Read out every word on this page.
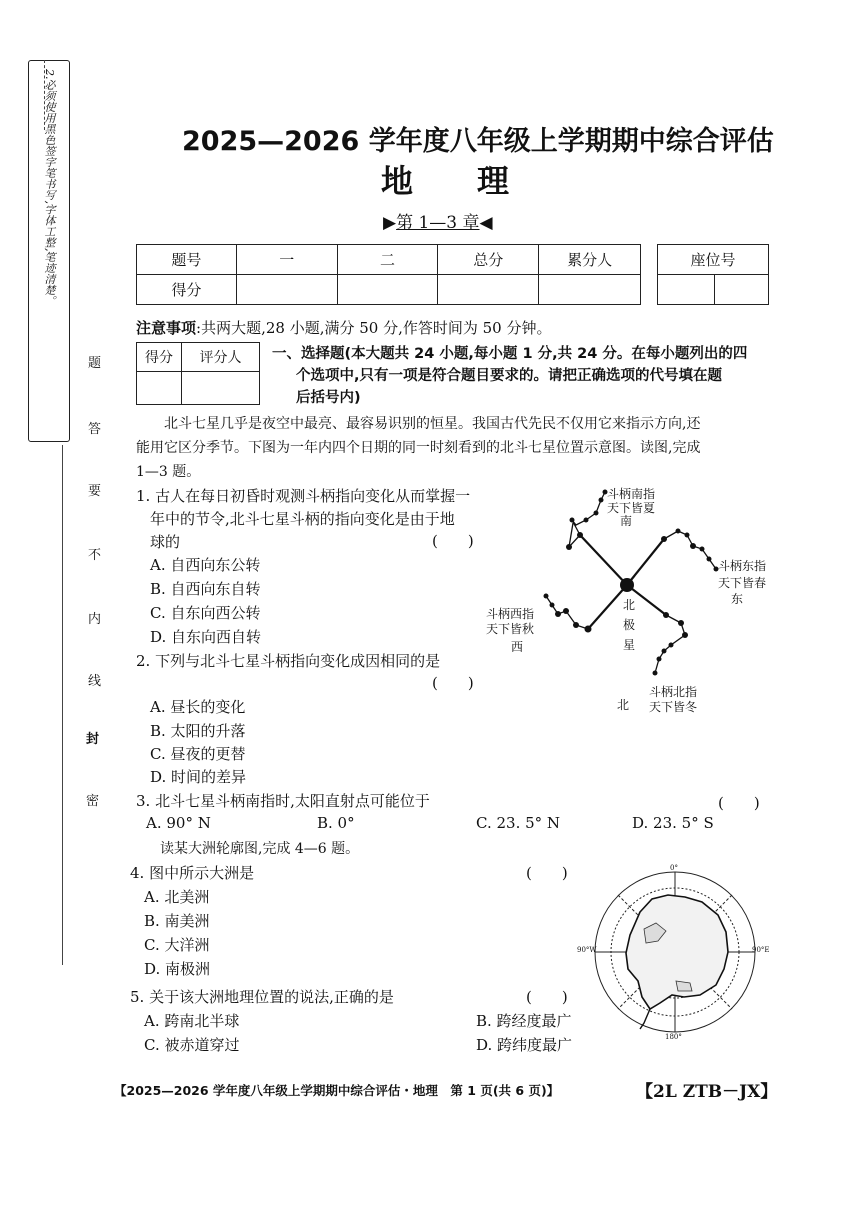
2.必须使用黑色签字笔书写,字体工整,笔迹清楚。
题
答
要
不
内
线
封
密
2025—2026 学年度八年级上学期期中综合评估
地　　理
▶第 1—3 章◀
题号	一	二	总分	累分人
得分				
座位号

注意事项:共两大题,28 小题,满分 50 分,作答时间为 50 分钟。
得分	评分人
	一、选择题(本大题共 24 小题,每小题 1 分,共 24 分。在每小题列出的四
个选项中,只有一项是符合题目要求的。请把正确选项的代号填在题
后括号内)
北斗七星几乎是夜空中最亮、最容易识别的恒星。我国古代先民不仅用它来指示方向,还
能用它区分季节。下图为一年内四个日期的同一时刻看到的北斗七星位置示意图。读图,完成
1—3 题。
1. 古人在每日初昏时观测斗柄指向变化从而掌握一
年中的节令,北斗七星斗柄的指向变化是由于地
球的	(　　)
A. 自西向东公转
B. 自西向东自转
C. 自东向西公转
D. 自东向西自转
2. 下列与北斗七星斗柄指向变化成因相同的是
(　　)
A. 昼长的变化
B. 太阳的升落
C. 昼夜的更替
D. 时间的差异
斗柄南指
天下皆夏
南
斗柄东指
天下皆春
东
斗柄西指
天下皆秋
西
北
极
星
斗柄北指
天下皆冬
北
3. 北斗七星斗柄南指时,太阳直射点可能位于	(　　)
A. 90° N	B. 0°	C. 23. 5° N	D. 23. 5° S
读某大洲轮廓图,完成 4—6 题。
4. 图中所示大洲是	(　　)
A. 北美洲
B. 南美洲
C. 大洋洲
D. 南极洲
0°
180°
90°W	90°E
5. 关于该大洲地理位置的说法,正确的是	(　　)
A. 跨南北半球	B. 跨经度最广
C. 被赤道穿过	D. 跨纬度最广
【2025—2026 学年度八年级上学期期中综合评估・地理　第 1 页(共 6 页)】	【2L ZTB－JX】
